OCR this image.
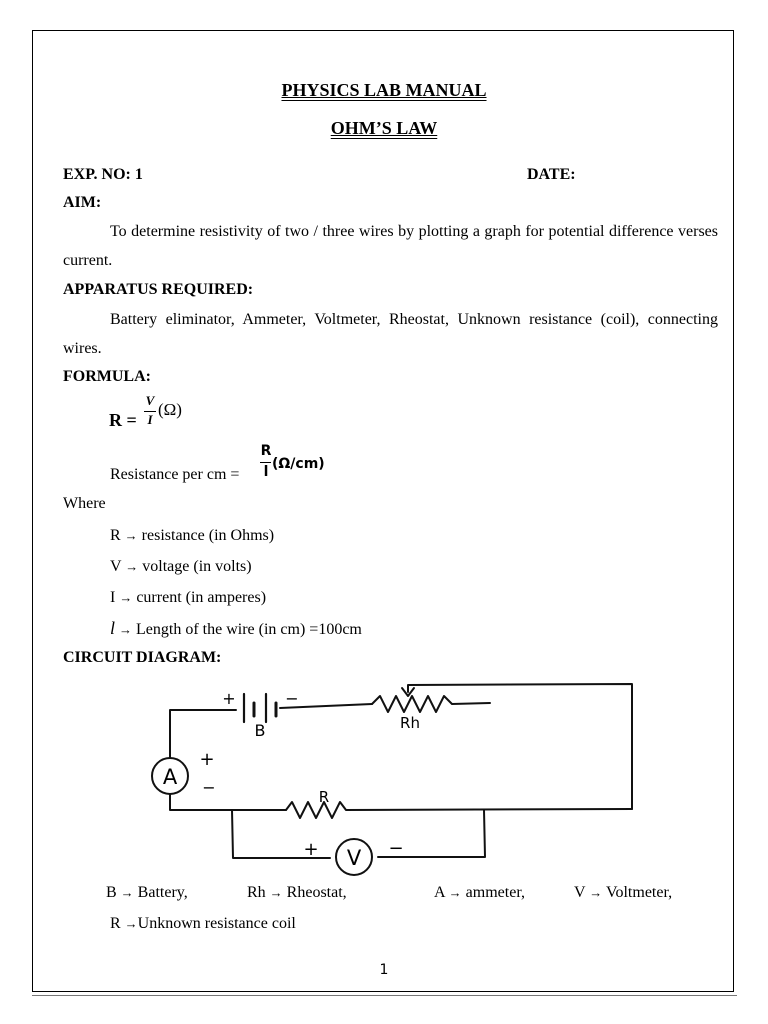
PHYSICS LAB MANUAL
OHM’S LAW
EXP. NO: 1	DATE:
AIM:
To determine resistivity of two / three wires by plotting a graph for potential difference verses current.
APPARATUS REQUIRED:
Battery eliminator, Ammeter, Voltmeter, Rheostat, Unknown resistance (coil), connecting wires.
FORMULA:
R =
V
I
(Ω)
Resistance per cm =
R
l (Ω/cm)
Where
R → resistance (in Ohms)
V → voltage (in volts)
I → current (in amperes)
l → Length of the wire (in cm) =100cm
CIRCUIT DIAGRAM:
A
+
−
V
+	−
+	−
B	Rh
R
B → Battery,	Rh → Rheostat,	A → ammeter,	V → Voltmeter,
R →Unknown resistance coil
1
